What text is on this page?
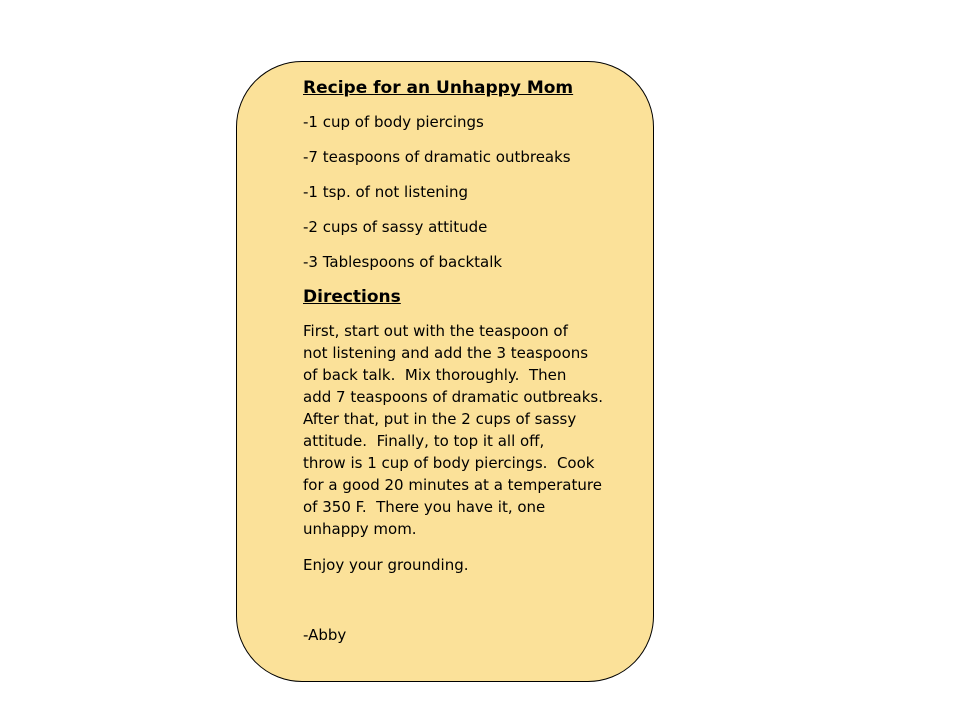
Recipe for an Unhappy Mom
-1 cup of body piercings
-7 teaspoons of dramatic outbreaks
-1 tsp. of not listening
-2 cups of sassy attitude
-3 Tablespoons of backtalk
Directions
First, start out with the teaspoon of
not listening and add the 3 teaspoons
of back talk.  Mix thoroughly.  Then
add 7 teaspoons of dramatic outbreaks.
After that, put in the 2 cups of sassy
attitude.  Finally, to top it all off,
throw is 1 cup of body piercings.  Cook
for a good 20 minutes at a temperature
of 350 F.  There you have it, one
unhappy mom.
Enjoy your grounding.
-Abby
